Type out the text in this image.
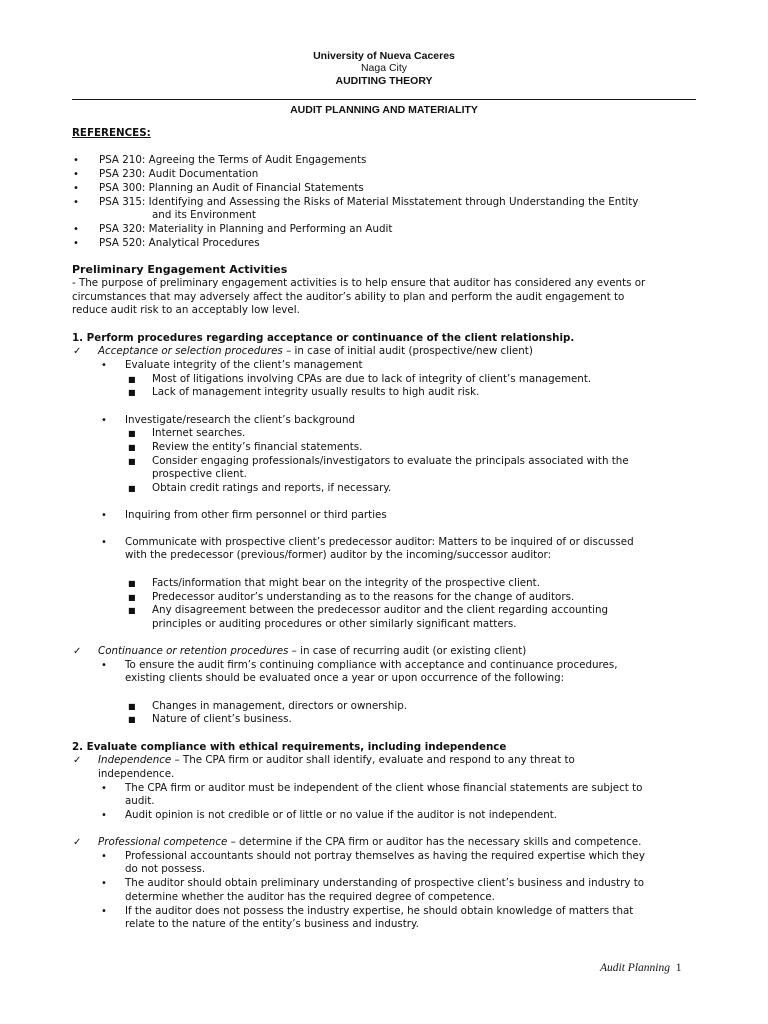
University of Nueva Caceres
Naga City
AUDITING THEORY
AUDIT PLANNING AND MATERIALITY
REFERENCES:
• PSA 210: Agreeing the Terms of Audit Engagements
• PSA 230: Audit Documentation
• PSA 300: Planning an Audit of Financial Statements
• PSA 315: Identifying and Assessing the Risks of Material Misstatement through Understanding the Entity
and its Environment
• PSA 320: Materiality in Planning and Performing an Audit
• PSA 520: Analytical Procedures
Preliminary Engagement Activities
- The purpose of preliminary engagement activities is to help ensure that auditor has considered any events or
circumstances that may adversely affect the auditor’s ability to plan and perform the audit engagement to
reduce audit risk to an acceptably low level.
1. Perform procedures regarding acceptance or continuance of the client relationship.
✓ Acceptance or selection procedures – in case of initial audit (prospective/new client)
• Evaluate integrity of the client’s management
■ Most of litigations involving CPAs are due to lack of integrity of client’s management.
■ Lack of management integrity usually results to high audit risk.
• Investigate/research the client’s background
■ Internet searches.
■ Review the entity’s financial statements.
■ Consider engaging professionals/investigators to evaluate the principals associated with the
prospective client.
■ Obtain credit ratings and reports, if necessary.
• Inquiring from other firm personnel or third parties
• Communicate with prospective client’s predecessor auditor: Matters to be inquired of or discussed
with the predecessor (previous/former) auditor by the incoming/successor auditor:
■ Facts/information that might bear on the integrity of the prospective client.
■ Predecessor auditor’s understanding as to the reasons for the change of auditors.
■ Any disagreement between the predecessor auditor and the client regarding accounting
principles or auditing procedures or other similarly significant matters.
✓ Continuance or retention procedures – in case of recurring audit (or existing client)
• To ensure the audit firm’s continuing compliance with acceptance and continuance procedures,
existing clients should be evaluated once a year or upon occurrence of the following:
■ Changes in management, directors or ownership.
■ Nature of client’s business.
2. Evaluate compliance with ethical requirements, including independence
✓ Independence – The CPA firm or auditor shall identify, evaluate and respond to any threat to
independence.
• The CPA firm or auditor must be independent of the client whose financial statements are subject to
audit.
• Audit opinion is not credible or of little or no value if the auditor is not independent.
✓ Professional competence – determine if the CPA firm or auditor has the necessary skills and competence.
• Professional accountants should not portray themselves as having the required expertise which they
do not possess.
• The auditor should obtain preliminary understanding of prospective client’s business and industry to
determine whether the auditor has the required degree of competence.
• If the auditor does not possess the industry expertise, he should obtain knowledge of matters that
relate to the nature of the entity’s business and industry.
Audit Planning 1
